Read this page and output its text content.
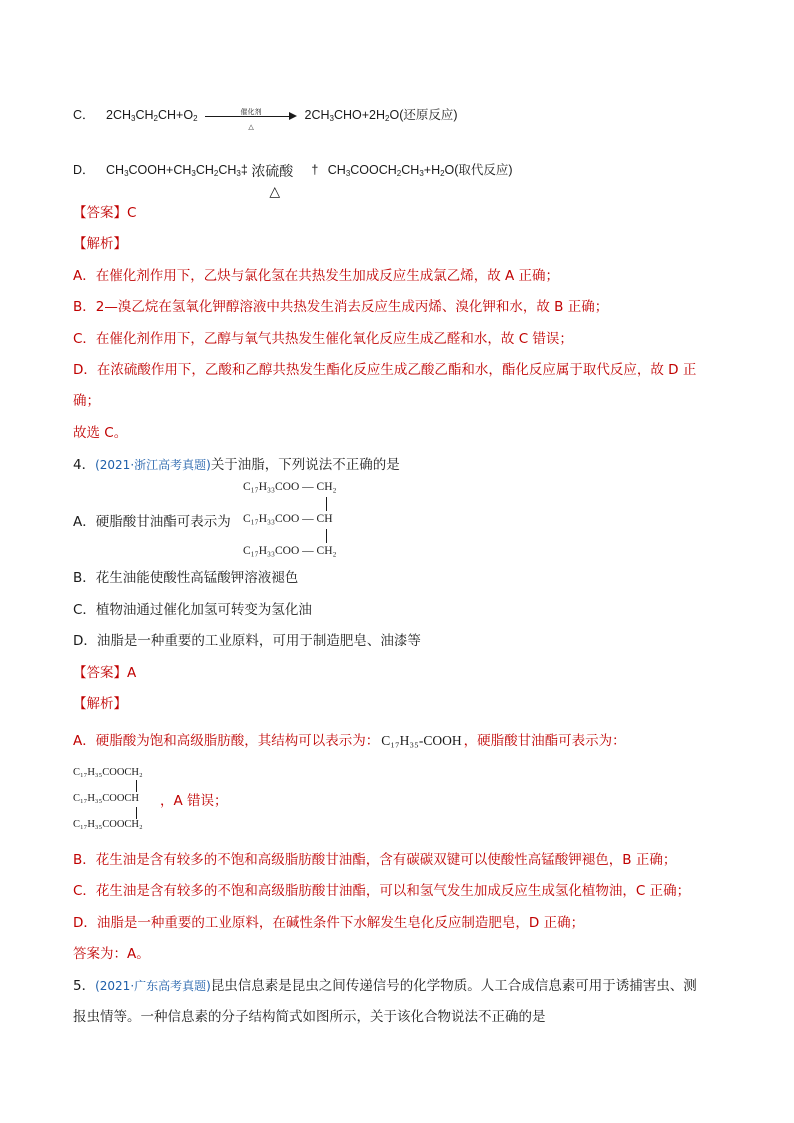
C． $2CH_3CH_2CH+O_2$
催化剂
△
$2CH_3CHO+2H_2O$(还原反应)
D． $CH_3COOH+CH_3CH_2CH_3\ddagger$ 浓硫酸
△
† $CH_3COOCH_2CH_3+H_2O$(取代反应)
【答案】C
【解析】
A．在催化剂作用下，乙炔与氯化氢在共热发生加成反应生成氯乙烯，故 A 正确；
B．2—溴乙烷在氢氧化钾醇溶液中共热发生消去反应生成丙烯、溴化钾和水，故 B 正确；
C．在催化剂作用下，乙醇与氧气共热发生催化氧化反应生成乙醛和水，故 C 错误；
D．在浓硫酸作用下，乙酸和乙醇共热发生酯化反应生成乙酸乙酯和水，酯化反应属于取代反应，故 D 正
确；
故选 C。
4．(2021·浙江高考真题)关于油脂，下列说法不正确的是
A．硬脂酸甘油酯可表示为
C₁₇H₃₃COO — CH₂
C₁₇H₃₃COO — CH
C₁₇H₃₃COO — CH₂
B．花生油能使酸性高锰酸钾溶液褪色
C．植物油通过催化加氢可转变为氢化油
D．油脂是一种重要的工业原料，可用于制造肥皂、油漆等
【答案】A
【解析】
A．硬脂酸为饱和高级脂肪酸，其结构可以表示为： C₁₇H₃₅-COOH ，硬脂酸甘油酯可表示为：
C₁₇H₃₅COOCH₂
C₁₇H₃₅COOCH
C₁₇H₃₅COOCH₂
，A 错误；
B．花生油是含有较多的不饱和高级脂肪酸甘油酯，含有碳碳双键可以使酸性高锰酸钾褪色，B 正确；
C．花生油是含有较多的不饱和高级脂肪酸甘油酯，可以和氢气发生加成反应生成氢化植物油，C 正确；
D．油脂是一种重要的工业原料，在碱性条件下水解发生皂化反应制造肥皂，D 正确；
答案为：A。
5．(2021·广东高考真题)昆虫信息素是昆虫之间传递信号的化学物质。人工合成信息素可用于诱捕害虫、测
报虫情等。一种信息素的分子结构简式如图所示，关于该化合物说法不正确的是
